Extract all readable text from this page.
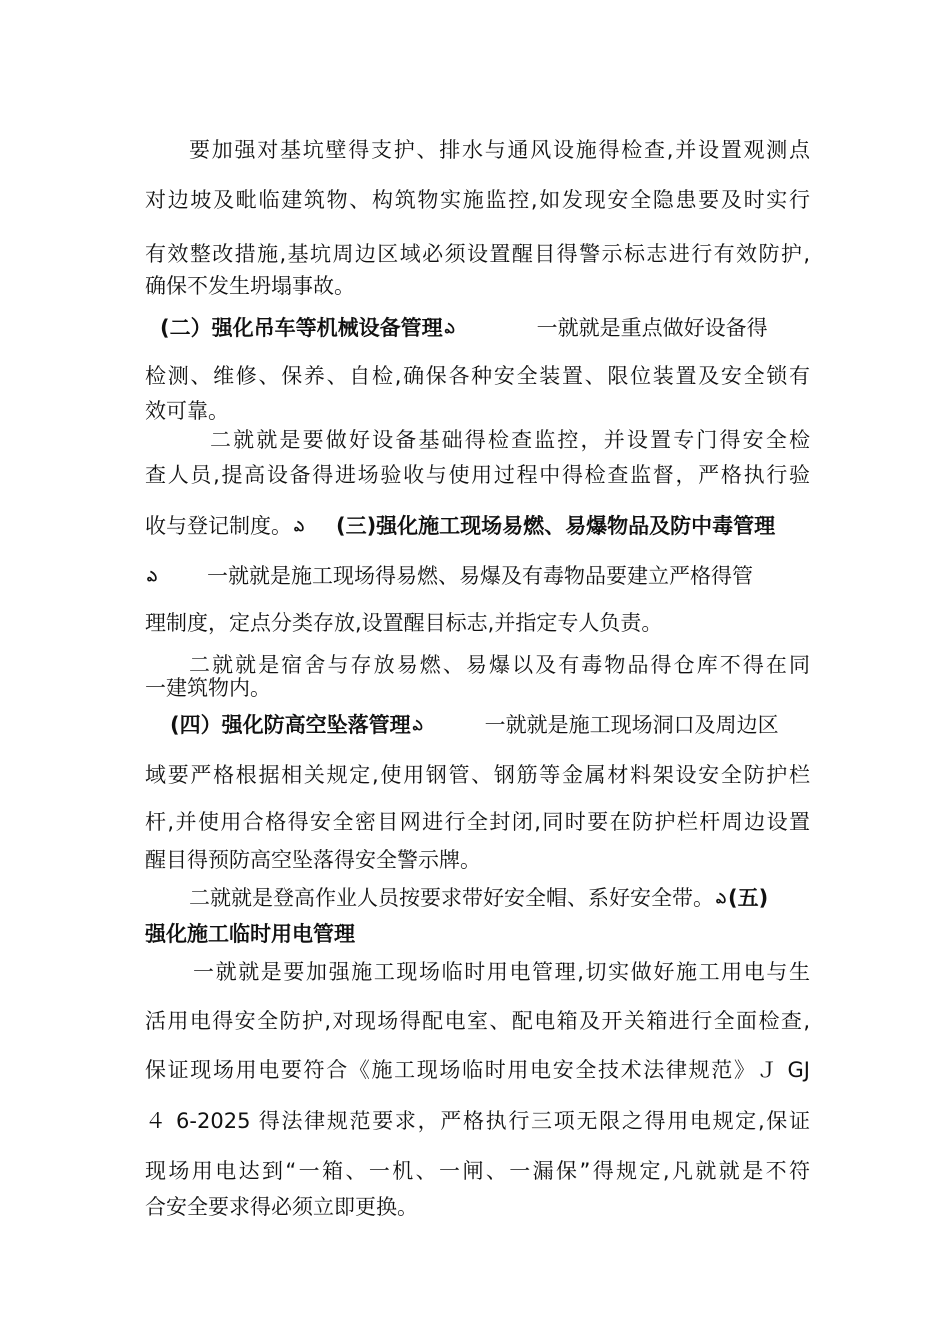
要加强对基坑壁得支护、排水与通风设施得检查,并设置观测点
对边坡及毗临建筑物、构筑物实施监控,如发现安全隐患要及时实行
有效整改措施,基坑周边区域必须设置醒目得警示标志进行有效防护,
确保不发生坍塌事故。
(二）强化吊车等机械设备管理 ఎ	一就就是重点做好设备得
检测、维修、保养、自检,确保各种安全装置、限位装置及安全锁有
效可靠。
二就就是要做好设备基础得检查监控，并设置专门得安全检
查人员,提高设备得进场验收与使用过程中得检查监督，严格执行验
收与登记制度。 ఎ (三)强化施工现场易燃、易爆物品及防中毒管理
ఎ 一就就是施工现场得易燃、易爆及有毒物品要建立严格得管
理制度，定点分类存放,设置醒目标志,并指定专人负责。
二就就是宿舍与存放易燃、易爆以及有毒物品得仓库不得在同
一建筑物内。
(四）强化防高空坠落管理 ఎ	一就就是施工现场洞口及周边区
域要严格根据相关规定,使用钢管、钢筋等金属材料架设安全防护栏
杆,并使用合格得安全密目网进行全封闭,同时要在防护栏杆周边设置
醒目得预防高空坠落得安全警示牌。
二就就是登高作业人员按要求带好安全帽、系好安全带。 ఎ(五)
强化施工临时用电管理
一就就是要加强施工现场临时用电管理,切实做好施工用电与生
活用电得安全防护,对现场得配电室、配电箱及开关箱进行全面检查,
保证现场用电要符合《施工现场临时用电安全技术法律规范》Ｊ GJ
４ 6-2025 得法律规范要求，严格执行三项无限之得用电规定,保证
现场用电达到“一箱、一机、一闸、一漏保”得规定,凡就就是不符
合安全要求得必须立即更换。
